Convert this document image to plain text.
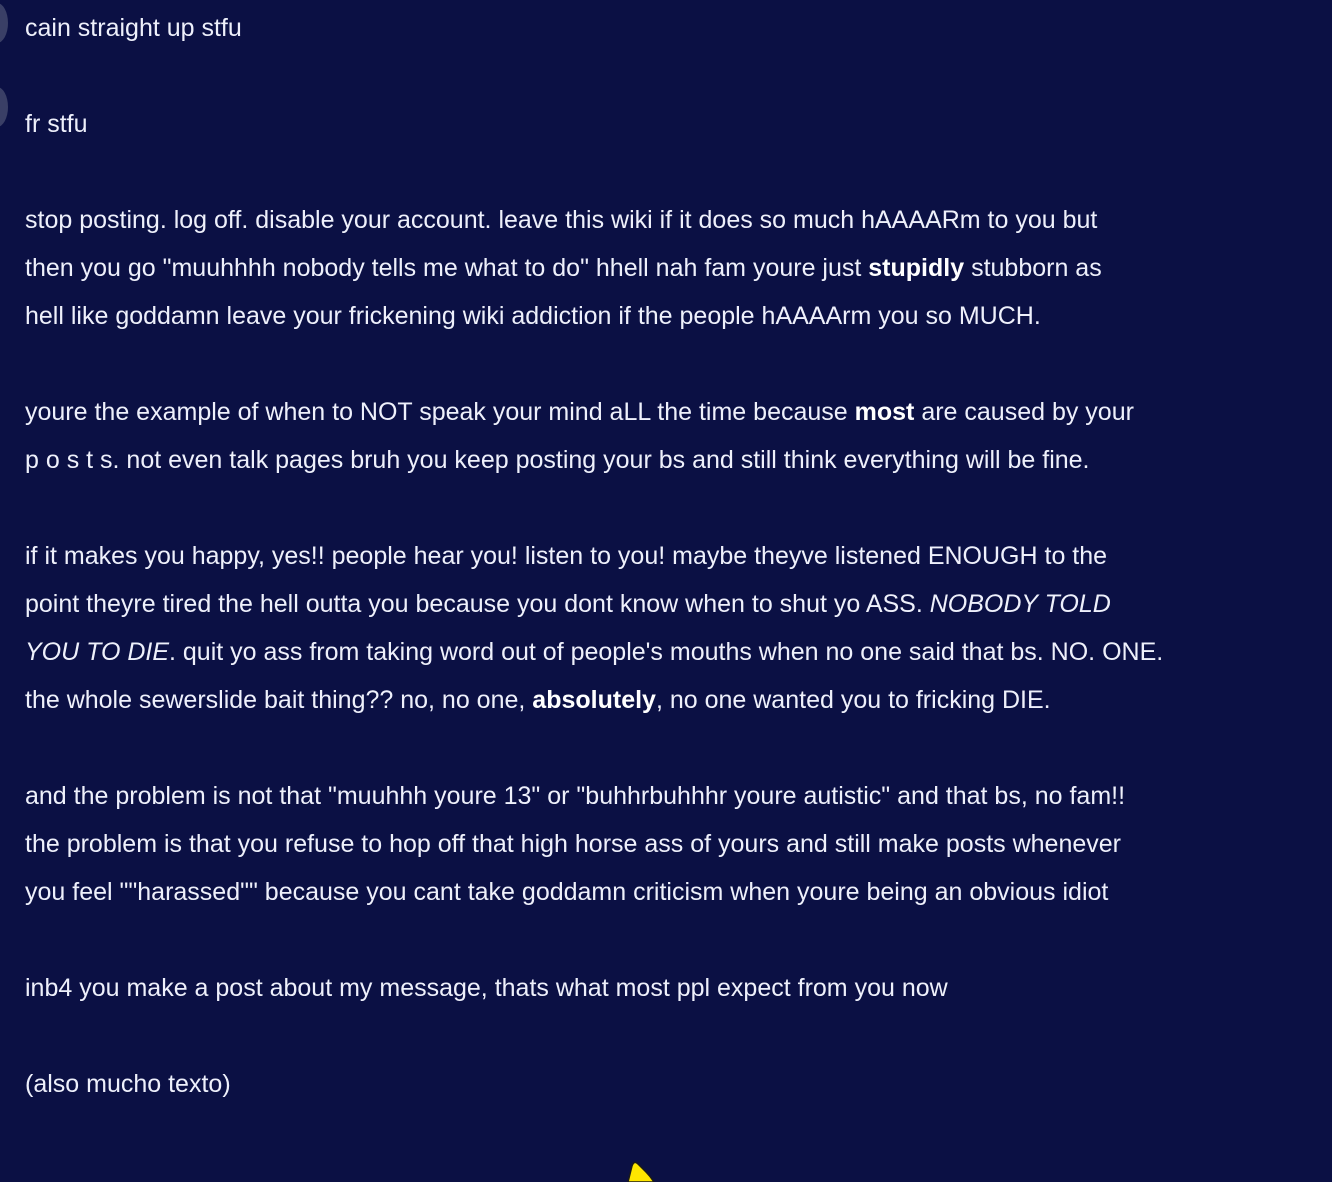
cain straight up stfu

fr stfu

stop posting. log off. disable your account. leave this wiki if it does so much hAAAARm to you but
then you go "muuhhhh nobody tells me what to do" hhell nah fam youre just stupidly stubborn as
hell like goddamn leave your frickening wiki addiction if the people hAAAArm you so MUCH.

youre the example of when to NOT speak your mind aLL the time because most are caused by your
p o s t s. not even talk pages bruh you keep posting your bs and still think everything will be fine.

if it makes you happy, yes!! people hear you! listen to you! maybe theyve listened ENOUGH to the
point theyre tired the hell outta you because you dont know when to shut yo ASS. NOBODY TOLD
YOU TO DIE. quit yo ass from taking word out of people's mouths when no one said that bs. NO. ONE.
the whole sewerslide bait thing?? no, no one, absolutely, no one wanted you to fricking DIE.

and the problem is not that "muuhhh youre 13" or "buhhrbuhhhr youre autistic" and that bs, no fam!!
the problem is that you refuse to hop off that high horse ass of yours and still make posts whenever
you feel ""harassed"" because you cant take goddamn criticism when youre being an obvious idiot

inb4 you make a post about my message, thats what most ppl expect from you now

(also mucho texto)
